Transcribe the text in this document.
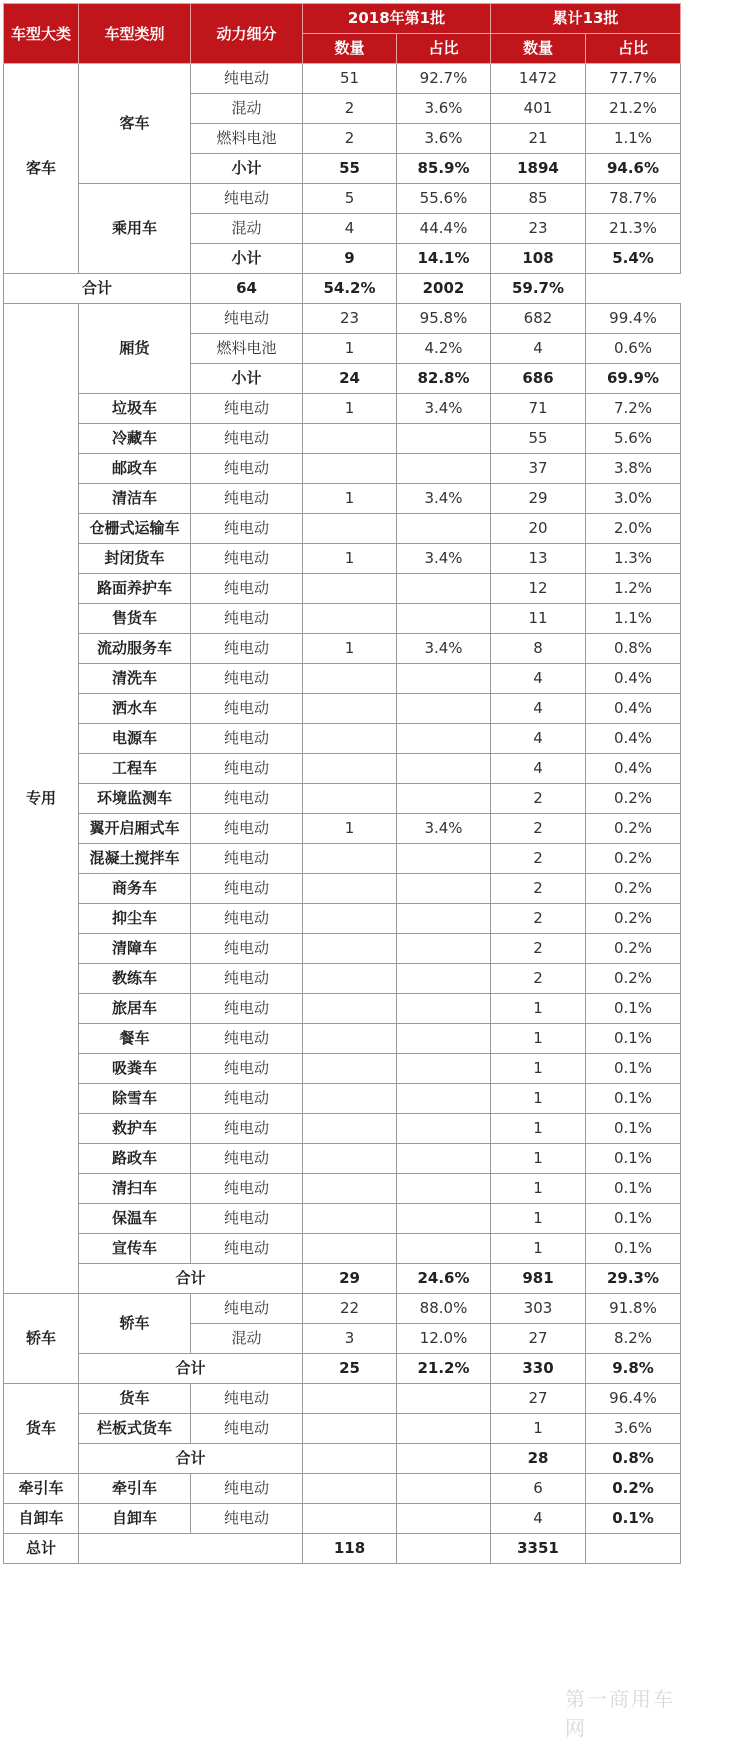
车型大类	车型类别	动力细分	2018年第1批		累计13批	
			数量	占比	数量	占比
客车	客车	纯电动	51	92.7%	1472	77.7%
		混动	2	3.6%	401	21.2%
		燃料电池	2	3.6%	21	1.1%
		小计	55	85.9%	1894	94.6%
	乘用车	纯电动	5	55.6%	85	78.7%
		混动	4	44.4%	23	21.3%
		小计	9	14.1%	108	5.4%
合计		64	54.2%	2002	59.7%	
专用	厢货	纯电动	23	95.8%	682	99.4%
		燃料电池	1	4.2%	4	0.6%
		小计	24	82.8%	686	69.9%
	垃圾车	纯电动	1	3.4%	71	7.2%
	冷藏车	纯电动			55	5.6%
	邮政车	纯电动			37	3.8%
	清洁车	纯电动	1	3.4%	29	3.0%
	仓栅式运输车	纯电动			20	2.0%
	封闭货车	纯电动	1	3.4%	13	1.3%
	路面养护车	纯电动			12	1.2%
	售货车	纯电动			11	1.1%
	流动服务车	纯电动	1	3.4%	8	0.8%
	清洗车	纯电动			4	0.4%
	洒水车	纯电动			4	0.4%
	电源车	纯电动			4	0.4%
	工程车	纯电动			4	0.4%
	环境监测车	纯电动			2	0.2%
	翼开启厢式车	纯电动	1	3.4%	2	0.2%
	混凝土搅拌车	纯电动			2	0.2%
	商务车	纯电动			2	0.2%
	抑尘车	纯电动			2	0.2%
	清障车	纯电动			2	0.2%
	教练车	纯电动			2	0.2%
	旅居车	纯电动			1	0.1%
	餐车	纯电动			1	0.1%
	吸粪车	纯电动			1	0.1%
	除雪车	纯电动			1	0.1%
	救护车	纯电动			1	0.1%
	路政车	纯电动			1	0.1%
	清扫车	纯电动			1	0.1%
	保温车	纯电动			1	0.1%
	宣传车	纯电动			1	0.1%
	合计		29	24.6%	981	29.3%
轿车	轿车	纯电动	22	88.0%	303	91.8%
		混动	3	12.0%	27	8.2%
	合计		25	21.2%	330	9.8%
货车	货车	纯电动			27	96.4%
	栏板式货车	纯电动			1	3.6%
	合计				28	0.8%
牵引车	牵引车	纯电动			6	0.2%
自卸车	自卸车	纯电动			4	0.1%
总计			118		3351	
第一商用车网
